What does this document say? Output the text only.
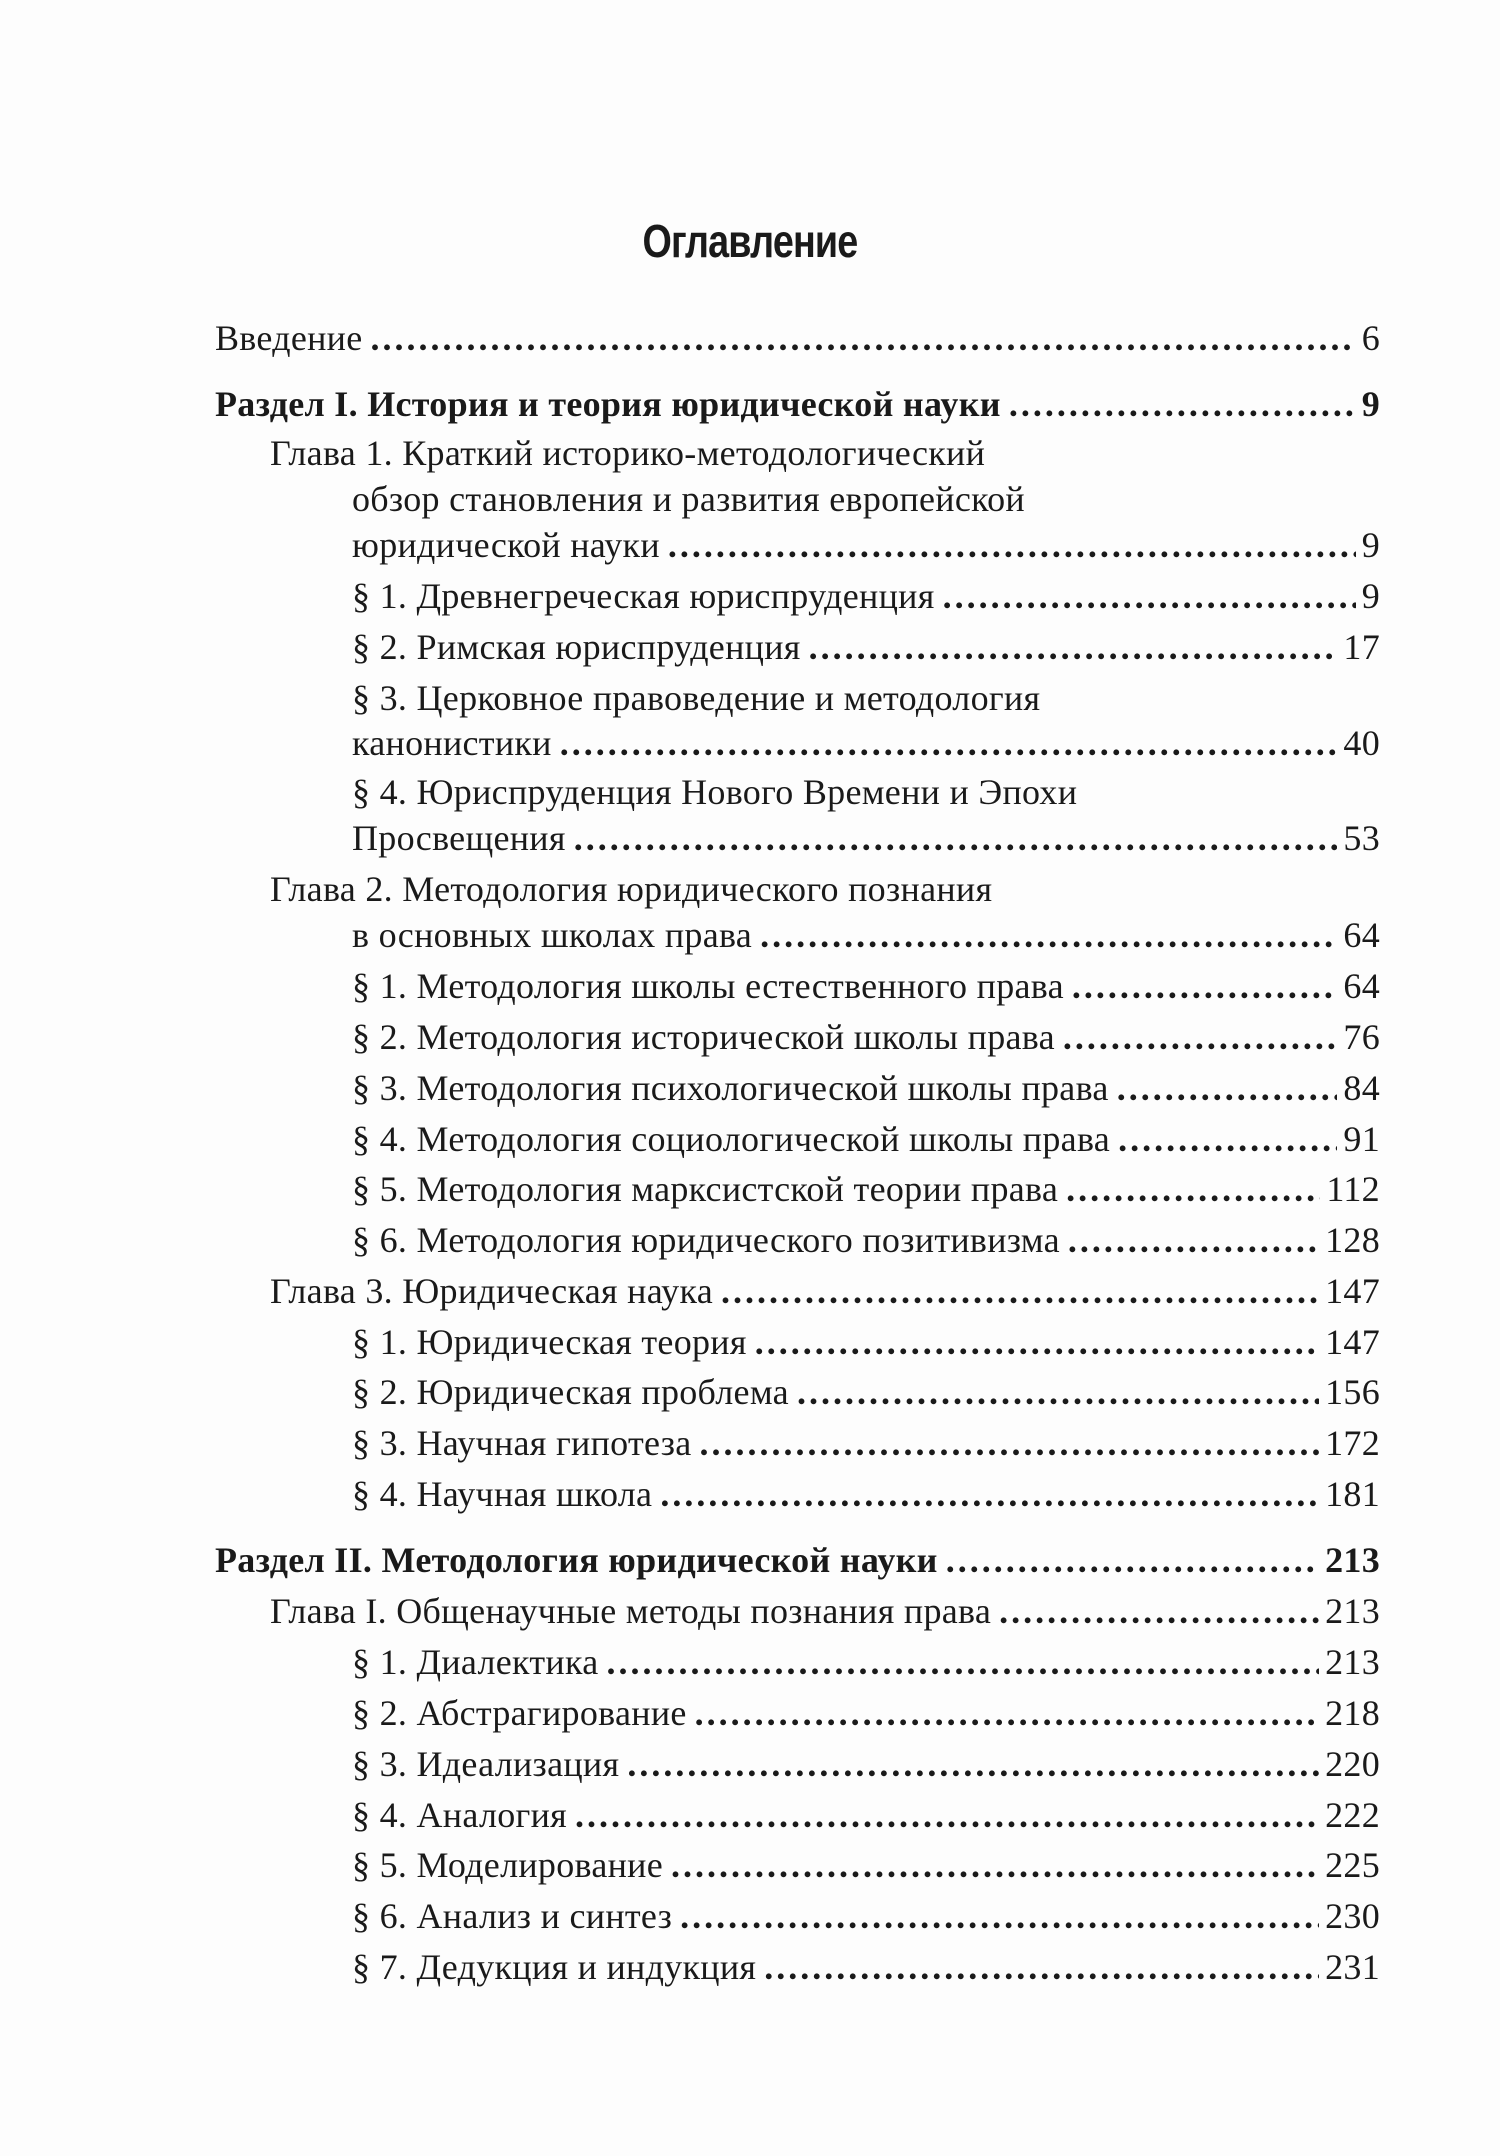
Оглавление
Введение .....	6
Раздел I. История и теория юридической науки .....	9
Глава 1. Краткий историко-методологический
обзор становления и развития европейской
юридической науки .....	9
§ 1. Древнегреческая юриспруденция .....	9
§ 2. Римская юриспруденция .....	17
§ 3. Церковное правоведение и методология
канонистики .....	40
§ 4. Юриспруденция Нового Времени и Эпохи
Просвещения .....	53
Глава 2. Методология юридического познания
в основных школах права .....	64
§ 1. Методология школы естественного права .....	64
§ 2. Методология исторической школы права .....	76
§ 3. Методология психологической школы права .....	84
§ 4. Методология социологической школы права .....	91
§ 5. Методология марксистской теории права .....	112
§ 6. Методология юридического позитивизма .....	128
Глава 3. Юридическая наука .....	147
§ 1. Юридическая теория .....	147
§ 2. Юридическая проблема .....	156
§ 3. Научная гипотеза .....	172
§ 4. Научная школа .....	181
Раздел II. Методология юридической науки .....	213
Глава I. Общенаучные методы познания права .....	213
§ 1. Диалектика .....	213
§ 2. Абстрагирование .....	218
§ 3. Идеализация .....	220
§ 4. Аналогия .....	222
§ 5. Моделирование .....	225
§ 6. Анализ и синтез .....	230
§ 7. Дедукция и индукция .....	231
